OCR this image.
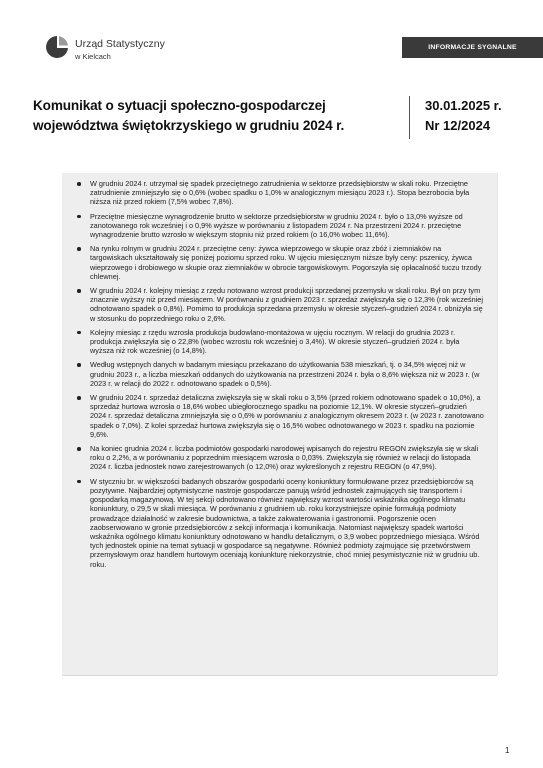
Urząd Statystyczny
w Kielcach
INFORMACJE SYGNALNE
Komunikat o sytuacji społeczno-gospodarczej województwa świętokrzyskiego w grudniu 2024 r.
30.01.2025 r.
Nr 12/2024
W grudniu 2024 r. utrzymał się spadek przeciętnego zatrudnienia w sektorze przedsiębiorstw w skali roku. Przeciętne zatrudnienie zmniejszyło się o 0,6% (wobec spadku o 1,0% w analogicznym miesiącu 2023 r.). Stopa bezrobocia była niższa niż przed rokiem (7,5% wobec 7,8%).
Przeciętne miesięczne wynagrodzenie brutto w sektorze przedsiębiorstw w grudniu 2024 r. było o 13,0% wyższe od zanotowanego rok wcześniej i o 0,9% wyższe w porównaniu z listopadem 2024 r. Na przestrzeni 2024 r. przeciętne wynagrodzenie brutto wzrosło w większym stopniu niż przed rokiem (o 16,0% wobec 11,6%).
Na rynku rolnym w grudniu 2024 r. przeciętne ceny: żywca wieprzowego w skupie oraz zbóż i ziemniaków na targowiskach ukształtowały się poniżej poziomu sprzed roku. W ujęciu miesięcznym niższe były ceny: pszenicy, żywca wieprzowego i drobiowego w skupie oraz ziemniaków w obrocie targowiskowym. Pogorszyła się opłacalność tuczu trzody chlewnej.
W grudniu 2024 r. kolejny miesiąc z rzędu notowano wzrost produkcji sprzedanej przemysłu w skali roku. Był on przy tym znacznie wyższy niż przed miesiącem. W porównaniu z grudniem 2023 r. sprzedaż zwiększyła się o 12,3% (rok wcześniej odnotowano spadek o 0,8%). Pomimo to produkcja sprzedana przemysłu w okresie styczeń–grudzień 2024 r. obniżyła się w stosunku do poprzedniego roku o 2,6%.
Kolejny miesiąc z rzędu wzrosła produkcja budowlano-montażowa w ujęciu rocznym. W relacji do grudnia 2023 r. produkcja zwiększyła się o 22,8% (wobec wzrostu rok wcześniej o 3,4%). W okresie styczeń–grudzień 2024 r. była wyższa niż rok wcześniej (o 14,8%).
Według wstępnych danych w badanym miesiącu przekazano do użytkowania 538 mieszkań, tj. o 34,5% więcej niż w grudniu 2023 r., a liczba mieszkań oddanych do użytkowania na przestrzeni 2024 r. była o 8,6% większa niż w 2023 r. (w 2023 r. w relacji do 2022 r. odnotowano spadek o 0,5%).
W grudniu 2024 r. sprzedaż detaliczna zwiększyła się w skali roku o 3,5% (przed rokiem odnotowano spadek o 10,0%), a sprzedaż hurtowa wzrosła o 18,6% wobec ubiegłorocznego spadku na poziomie 12,1%. W okresie styczeń–grudzień 2024 r. sprzedaż detaliczna zmniejszyła się o 0,6% w porównaniu z analogicznym okresem 2023 r. (w 2023 r. zanotowano spadek o 7,0%). Z kolei sprzedaż hurtowa zwiększyła się o 16,5% wobec odnotowanego w 2023 r. spadku na poziomie 9,6%.
Na koniec grudnia 2024 r. liczba podmiotów gospodarki narodowej wpisanych do rejestru REGON zwiększyła się w skali roku o 2,2%, a w porównaniu z poprzednim miesiącem wzrosła o 0,03%. Zwiększyła się również w relacji do listopada 2024 r. liczba jednostek nowo zarejestrowanych (o 12,0%) oraz wykreślonych z rejestru REGON (o 47,9%).
W styczniu br. w większości badanych obszarów gospodarki oceny koniunktury formułowane przez przedsiębiorców są pozytywne. Najbardziej optymistyczne nastroje gospodarcze panują wśród jednostek zajmujących się transportem i gospodarką magazynową. W tej sekcji odnotowano również największy wzrost wartości wskaźnika ogólnego klimatu koniunktury, o 29,5 w skali miesiąca. W porównaniu z grudniem ub. roku korzystniejsze opinie formułują podmioty prowadzące działalność w zakresie budownictwa, a także zakwaterowania i gastronomii. Pogorszenie ocen zaobserwowano w gronie przedsiębiorców z sekcji informacja i komunikacja. Natomiast największy spadek wartości wskaźnika ogólnego klimatu koniunktury odnotowano w handlu detalicznym, o 3,9 wobec poprzedniego miesiąca. Wśród tych jednostek opinie na temat sytuacji w gospodarce są negatywne. Również podmioty zajmujące się przetwórstwem przemysłowym oraz handlem hurtowym oceniają koniunkturę niekorzystnie, choć mniej pesymistycznie niż w grudniu ub. roku.
1
